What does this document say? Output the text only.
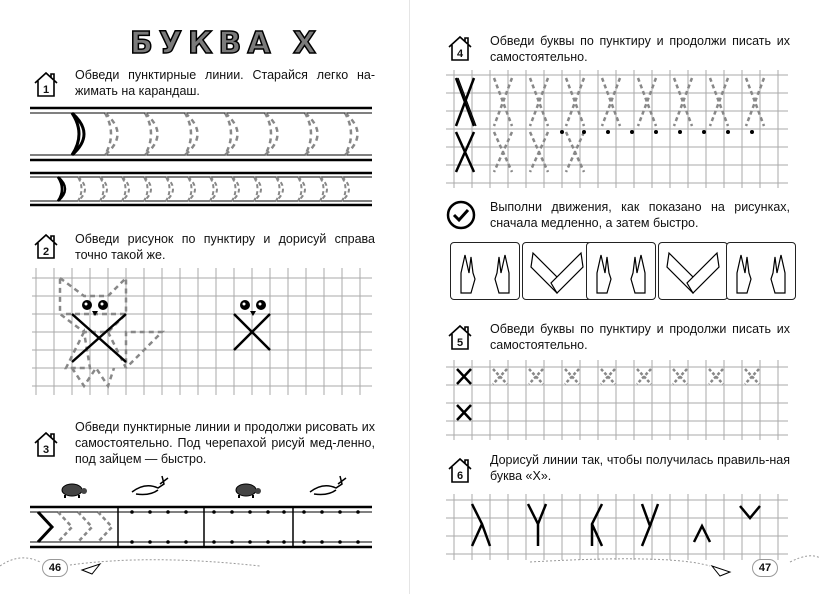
БУКВА Х
1
Обведи пунктирные линии. Старайся легко на-жимать на карандаш.
2
Обведи рисунок по пунктиру и дорисуй справа точно такой же.
3
Обведи пунктирные линии и продолжи рисовать их самостоятельно. Под черепахой рисуй мед-ленно, под зайцем — быстро.
46
4
Обведи буквы по пунктиру и продолжи писать их самостоятельно.
Выполни движения, как показано на рисунках, сначала медленно, а затем быстро.
5
Обведи буквы по пунктиру и продолжи писать их самостоятельно.
6
Дорисуй линии так, чтобы получилась правиль-ная буква «Х».
47
